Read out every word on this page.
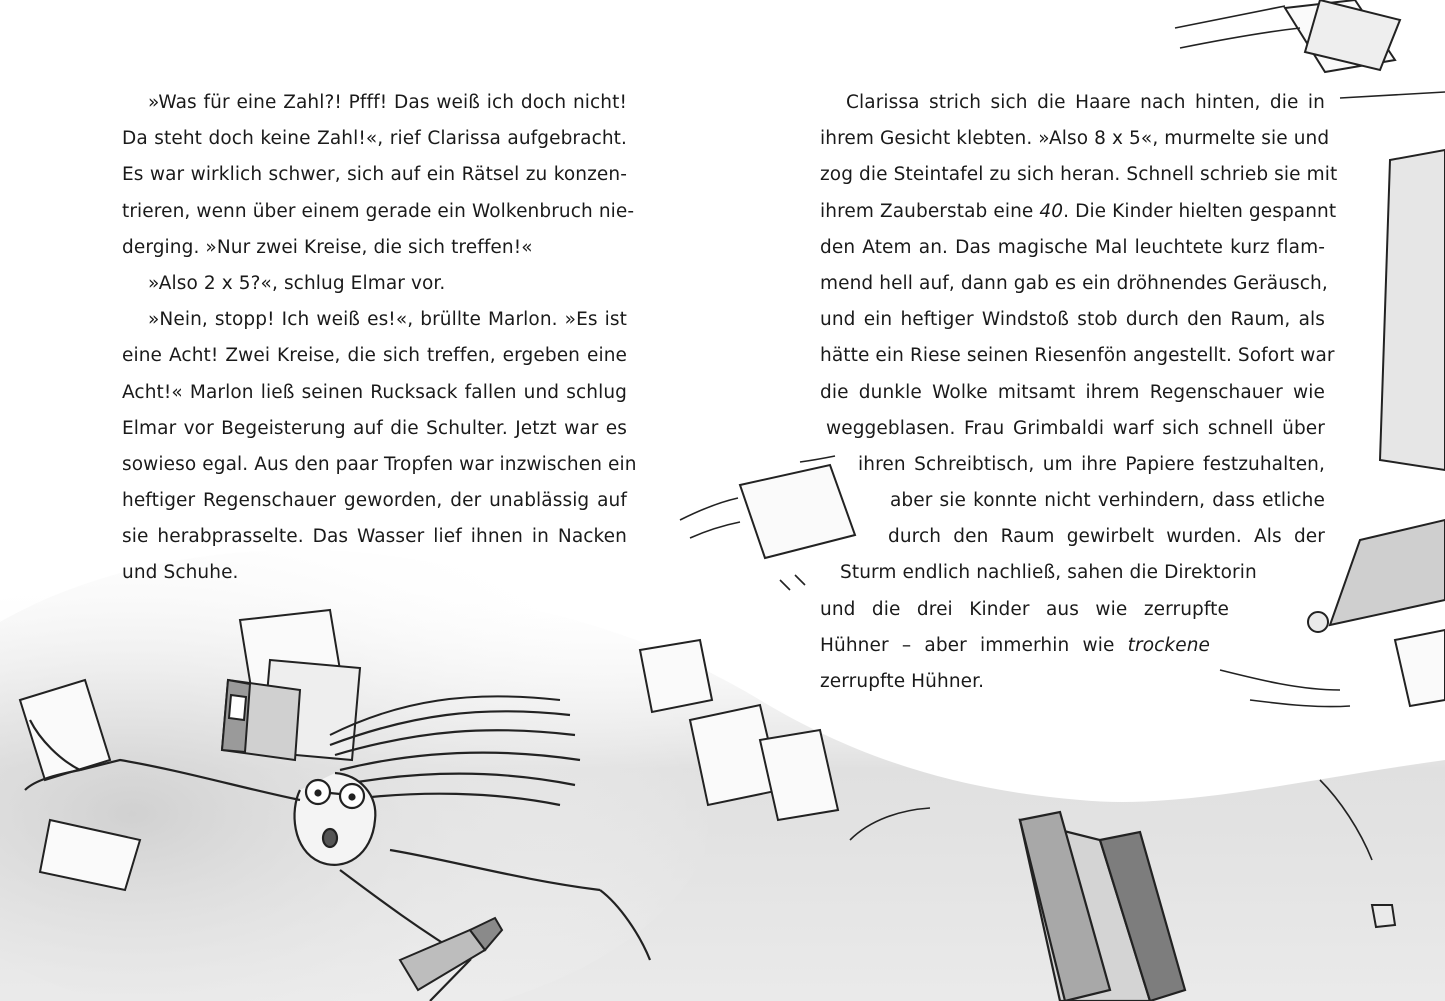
»Was für eine Zahl?! Pfff! Das weiß ich doch nicht!
Da steht doch keine Zahl!«, rief Clarissa aufgebracht.
Es war wirklich schwer, sich auf ein Rätsel zu konzen-
trieren, wenn über einem gerade ein Wolkenbruch nie-
derging. »Nur zwei Kreise, die sich treffen!«
»Also 2 x 5?«, schlug Elmar vor.
»Nein, stopp! Ich weiß es!«, brüllte Marlon. »Es ist
eine Acht! Zwei Kreise, die sich treffen, ergeben eine
Acht!« Marlon ließ seinen Rucksack fallen und schlug
Elmar vor Begeisterung auf die Schulter. Jetzt war es
sowieso egal. Aus den paar Tropfen war inzwischen ein
heftiger Regenschauer geworden, der unablässig auf
sie herabprasselte. Das Wasser lief ihnen in Nacken
und Schuhe.
Clarissa strich sich die Haare nach hinten, die in
ihrem Gesicht klebten. »Also 8 x 5«, murmelte sie und
zog die Steintafel zu sich heran. Schnell schrieb sie mit
ihrem Zauberstab eine 40. Die Kinder hielten gespannt
den Atem an. Das magische Mal leuchtete kurz flam-
mend hell auf, dann gab es ein dröhnendes Geräusch,
und ein heftiger Windstoß stob durch den Raum, als
hätte ein Riese seinen Riesenfön angestellt. Sofort war
die dunkle Wolke mitsamt ihrem Regenschauer wie
weggeblasen. Frau Grimbaldi warf sich schnell über
ihren Schreibtisch, um ihre Papiere festzuhalten,
aber sie konnte nicht verhindern, dass etliche
durch den Raum gewirbelt wurden. Als der
Sturm endlich nachließ, sahen die Direktorin
und die drei Kinder aus wie zerrupfte
Hühner – aber immerhin wie trockene
zerrupfte Hühner.
